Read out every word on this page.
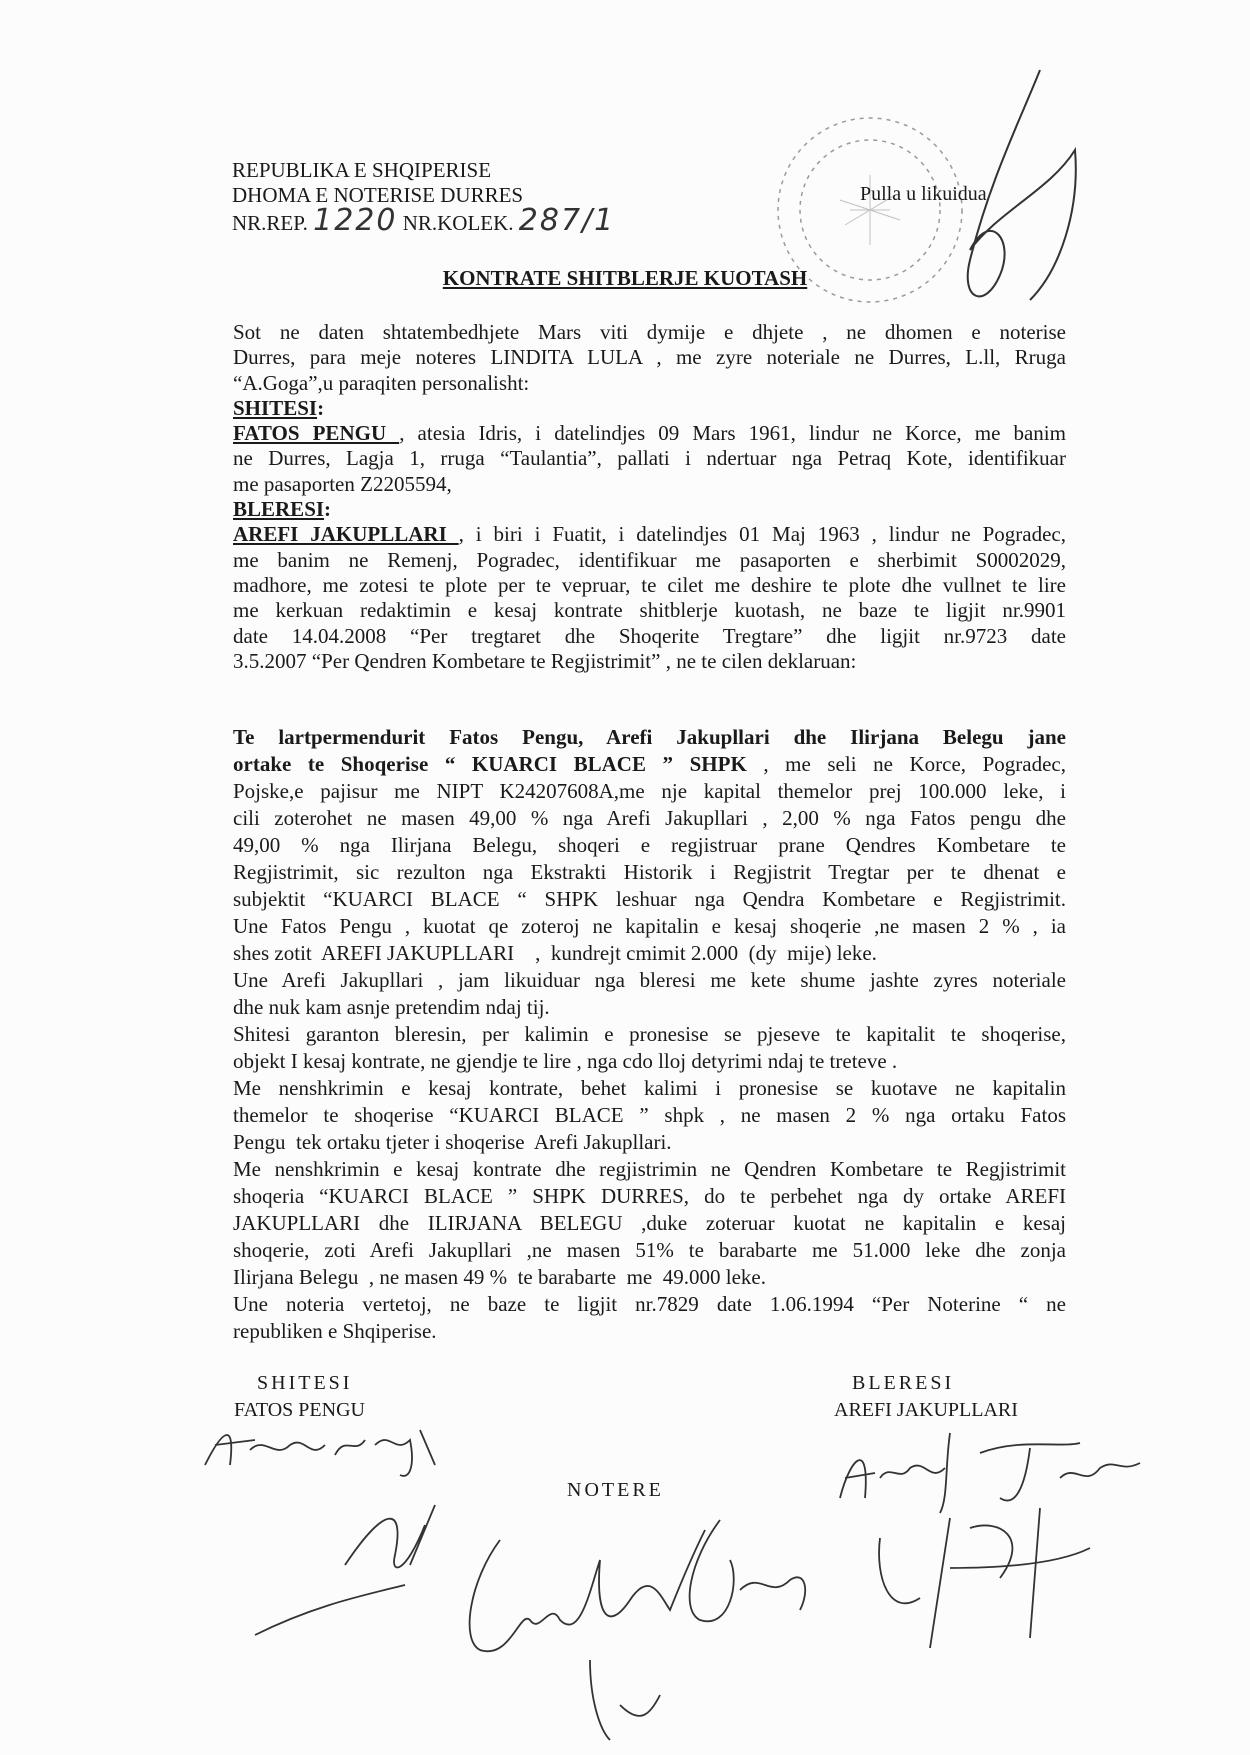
REPUBLIKA E SHQIPERISE
DHOMA E NOTERISE DURRES
NR.REP. 1220 NR.KOLEK. 287/1
Pulla u likuidua
KONTRATE SHITBLERJE KUOTASH
Sot ne daten shtatembedhjete Mars viti dymije e dhjete , ne dhomen e noterise
Durres, para meje noteres LINDITA LULA , me zyre noteriale ne Durres, L.ll, Rruga
“A.Goga”,u paraqiten personalisht:
SHITESI:
FATOS PENGU , atesia Idris, i datelindjes 09 Mars 1961, lindur ne Korce, me banim
ne Durres, Lagja 1, rruga “Taulantia”, pallati i ndertuar nga Petraq Kote, identifikuar
me pasaporten Z2205594,
BLERESI:
AREFI JAKUPLLARI , i biri i Fuatit, i datelindjes 01 Maj 1963 , lindur ne Pogradec,
me banim ne Remenj, Pogradec, identifikuar me pasaporten e sherbimit S0002029,
madhore, me zotesi te plote per te vepruar, te cilet me deshire te plote dhe vullnet te lire
me kerkuan redaktimin e kesaj kontrate shitblerje kuotash, ne baze te ligjit nr.9901
date 14.04.2008 “Per tregtaret dhe Shoqerite Tregtare” dhe ligjit nr.9723 date
3.5.2007 “Per Qendren Kombetare te Regjistrimit” , ne te cilen deklaruan:
Te lartpermendurit Fatos Pengu, Arefi Jakupllari dhe Ilirjana Belegu jane
ortake te Shoqerise “ KUARCI BLACE ” SHPK , me seli ne Korce, Pogradec,
Pojske,e pajisur me NIPT K24207608A,me nje kapital themelor prej 100.000 leke, i
cili zoterohet ne masen 49,00 % nga Arefi Jakupllari , 2,00 % nga Fatos pengu dhe
49,00 % nga Ilirjana Belegu, shoqeri e regjistruar prane Qendres Kombetare te
Regjistrimit, sic rezulton nga Ekstrakti Historik i Regjistrit Tregtar per te dhenat e
subjektit “KUARCI BLACE “ SHPK leshuar nga Qendra Kombetare e Regjistrimit.
Une Fatos Pengu , kuotat qe zoteroj ne kapitalin e kesaj shoqerie ,ne masen 2 % , ia
shes zotit  AREFI JAKUPLLARI    ,  kundrejt cmimit 2.000  (dy  mije) leke.
Une Arefi Jakupllari , jam likuiduar nga bleresi me kete shume jashte zyres noteriale
dhe nuk kam asnje pretendim ndaj tij.
Shitesi garanton bleresin, per kalimin e pronesise se pjeseve te kapitalit te shoqerise,
objekt I kesaj kontrate, ne gjendje te lire , nga cdo lloj detyrimi ndaj te treteve .
Me nenshkrimin e kesaj kontrate, behet kalimi i pronesise se kuotave ne kapitalin
themelor te shoqerise “KUARCI BLACE ” shpk , ne masen 2 % nga ortaku Fatos
Pengu  tek ortaku tjeter i shoqerise  Arefi Jakupllari.
Me nenshkrimin e kesaj kontrate dhe regjistrimin ne Qendren Kombetare te Regjistrimit
shoqeria “KUARCI BLACE ” SHPK DURRES, do te perbehet nga dy ortake AREFI
JAKUPLLARI dhe ILIRJANA BELEGU ,duke zoteruar kuotat ne kapitalin e kesaj
shoqerie, zoti Arefi Jakupllari ,ne masen 51% te barabarte me 51.000 leke dhe zonja
Ilirjana Belegu  , ne masen 49 %  te barabarte  me  49.000 leke.
Une noteria vertetoj, ne baze te ligjit nr.7829 date 1.06.1994 “Per Noterine “ ne
republiken e Shqiperise.
SHITESI
FATOS PENGU
BLERESI
AREFI JAKUPLLARI
NOTERE
